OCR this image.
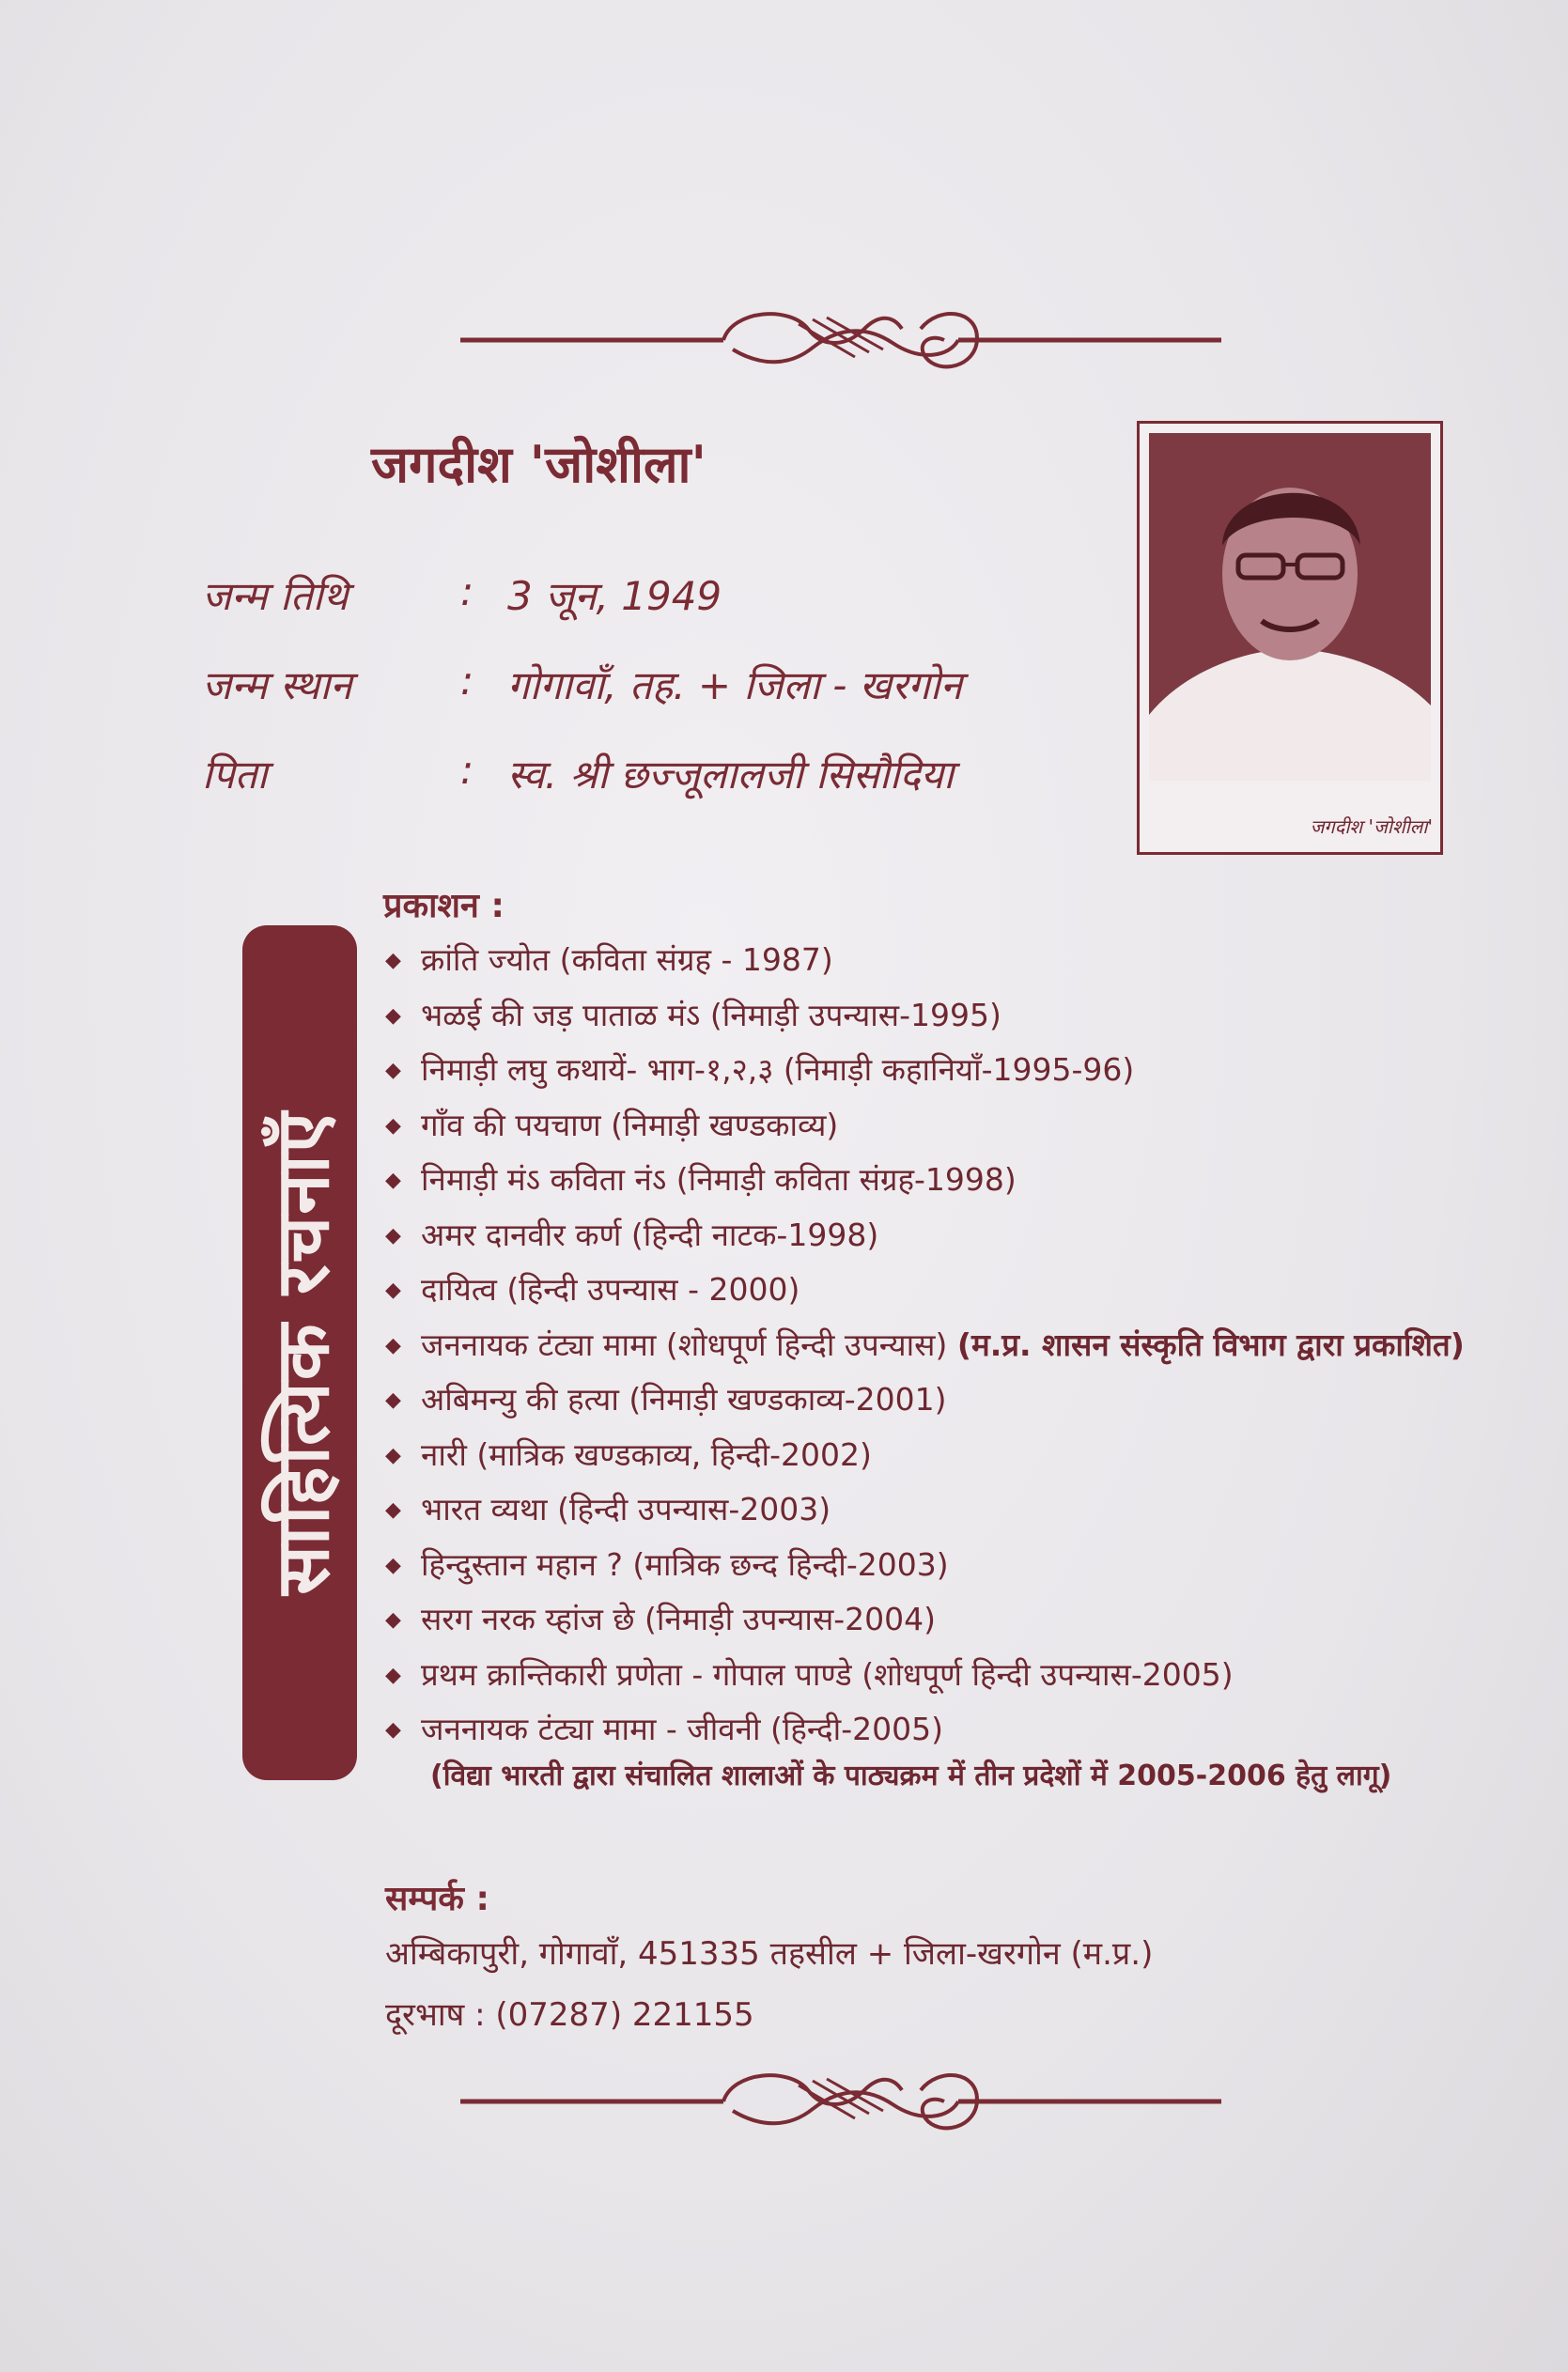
जगदीश 'जोशीला'
जन्म तिथि	: 3 जून, 1949
जन्म स्थान	: गोगावाँ, तह. + जिला - खरगोन
पिता	: स्व. श्री छज्जूलालजी सिसौदिया
जगदीश 'जोशीला'
प्रकाशन :
साहित्यिक रचनाएँ
◆ क्रांति ज्योत (कविता संग्रह - 1987)
◆ भळई की जड़ पाताळ मंऽ (निमाड़ी उपन्यास-1995)
◆ निमाड़ी लघु कथायें- भाग-१,२,३ (निमाड़ी कहानियाँ-1995-96)
◆ गाँव की पयचाण (निमाड़ी खण्डकाव्य)
◆ निमाड़ी मंऽ कविता नंऽ (निमाड़ी कविता संग्रह-1998)
◆ अमर दानवीर कर्ण (हिन्दी नाटक-1998)
◆ दायित्व (हिन्दी उपन्यास - 2000)
◆ जननायक टंट्या मामा (शोधपूर्ण हिन्दी उपन्यास) (म.प्र. शासन संस्कृति विभाग द्वारा प्रकाशित)
◆ अबिमन्यु की हत्या (निमाड़ी खण्डकाव्य-2001)
◆ नारी (मात्रिक खण्डकाव्य, हिन्दी-2002)
◆ भारत व्यथा (हिन्दी उपन्यास-2003)
◆ हिन्दुस्तान महान ? (मात्रिक छन्द हिन्दी-2003)
◆ सरग नरक य्हांज छे (निमाड़ी उपन्यास-2004)
◆ प्रथम क्रान्तिकारी प्रणेता - गोपाल पाण्डे (शोधपूर्ण हिन्दी उपन्यास-2005)
◆ जननायक टंट्या मामा - जीवनी (हिन्दी-2005)
(विद्या भारती द्वारा संचालित शालाओं के पाठ्यक्रम में तीन प्रदेशों में 2005-2006 हेतु लागू)
सम्पर्क :
अम्बिकापुरी, गोगावाँ, 451335 तहसील + जिला-खरगोन (म.प्र.)
दूरभाष : (07287) 221155
